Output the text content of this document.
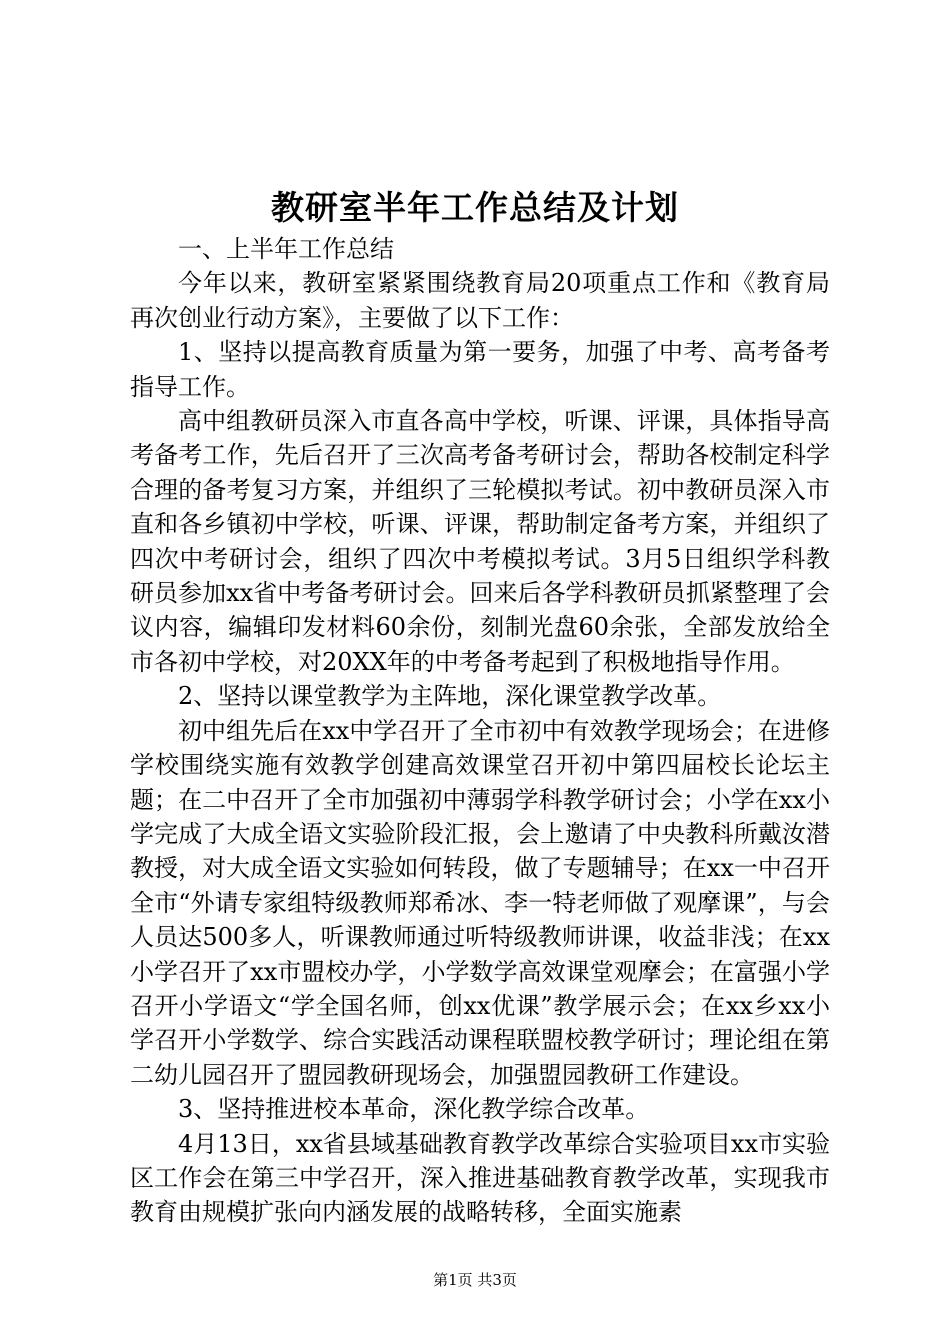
教研室半年工作总结及计划

一、上半年工作总结

今年以来，教研室紧紧围绕教育局20项重点工作和《教育局再次创业行动方案》，主要做了以下工作：

1、坚持以提高教育质量为第一要务，加强了中考、高考备考指导工作。

高中组教研员深入市直各高中学校，听课、评课，具体指导高考备考工作，先后召开了三次高考备考研讨会，帮助各校制定科学合理的备考复习方案，并组织了三轮模拟考试。初中教研员深入市直和各乡镇初中学校，听课、评课，帮助制定备考方案，并组织了四次中考研讨会，组织了四次中考模拟考试。3月5日组织学科教研员参加xx省中考备考研讨会。回来后各学科教研员抓紧整理了会议内容，编辑印发材料60余份，刻制光盘60余张，全部发放给全市各初中学校，对20XX年的中考备考起到了积极地指导作用。

2、坚持以课堂教学为主阵地，深化课堂教学改革。

初中组先后在xx中学召开了全市初中有效教学现场会；在进修学校围绕实施有效教学创建高效课堂召开初中第四届校长论坛主题；在二中召开了全市加强初中薄弱学科教学研讨会；小学在xx小学完成了大成全语文实验阶段汇报，会上邀请了中央教科所戴汝潜教授，对大成全语文实验如何转段，做了专题辅导；在xx一中召开全市“外请专家组特级教师郑希冰、李一特老师做了观摩课”，与会人员达500多人，听课教师通过听特级教师讲课，收益非浅；在xx小学召开了xx市盟校办学，小学数学高效课堂观摩会；在富强小学召开小学语文“学全国名师，创xx优课”教学展示会；在xx乡xx小学召开小学数学、综合实践活动课程联盟校教学研讨；理论组在第二幼儿园召开了盟园教研现场会，加强盟园教研工作建设。

3、坚持推进校本革命，深化教学综合改革。

4月13日，xx省县域基础教育教学改革综合实验项目xx市实验区工作会在第三中学召开，深入推进基础教育教学改革，实现我市教育由规模扩张向内涵发展的战略转移，全面实施素

第1页 共3页
